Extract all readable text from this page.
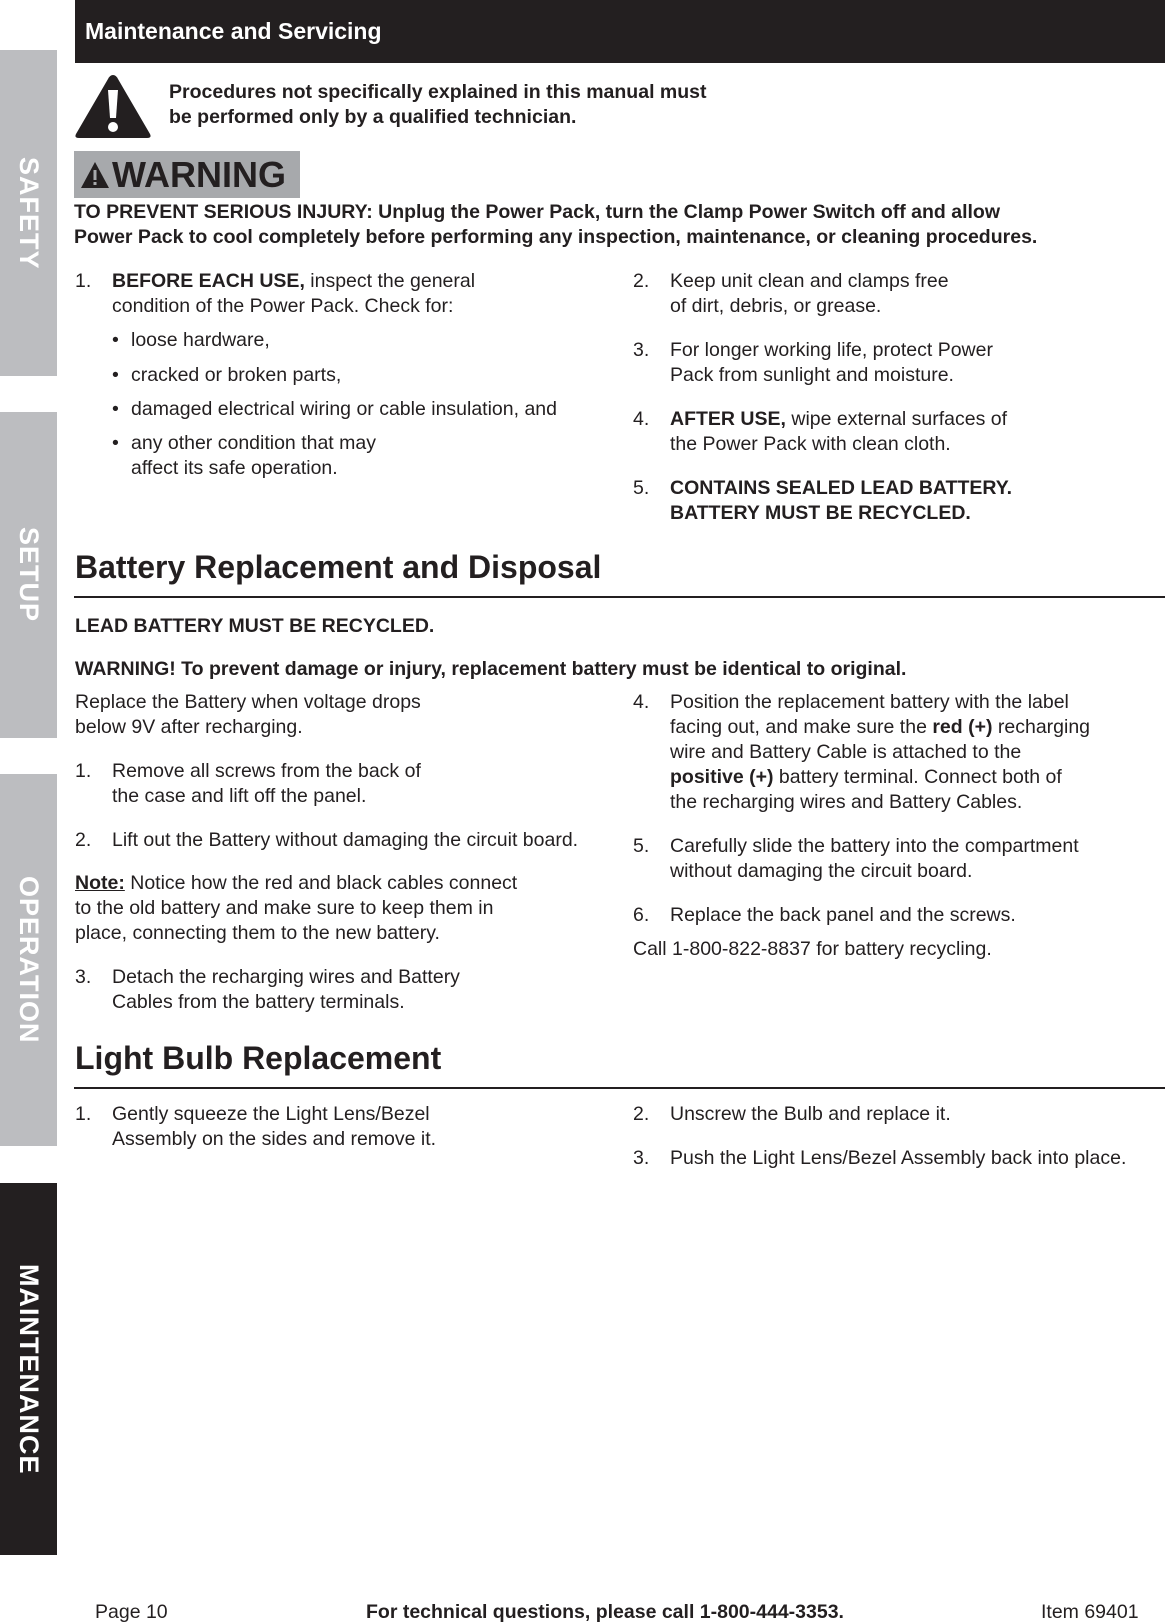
SAFETY
SETUP
OPERATION
MAINTENANCE
Maintenance and Servicing
Procedures not specifically explained in this manual must
be performed only by a qualified technician.
WARNING
TO PREVENT SERIOUS INJURY: Unplug the Power Pack, turn the Clamp Power Switch off and allow
Power Pack to cool completely before performing any inspection, maintenance, or cleaning procedures.
1. BEFORE EACH USE, inspect the general
condition of the Power Pack. Check for:
• loose hardware,
• cracked or broken parts,
• damaged electrical wiring or cable insulation, and
• any other condition that may
affect its safe operation.
2. Keep unit clean and clamps free
of dirt, debris, or grease.
3. For longer working life, protect Power
Pack from sunlight and moisture.
4. AFTER USE, wipe external surfaces of
the Power Pack with clean cloth.
5. CONTAINS SEALED LEAD BATTERY.
BATTERY MUST BE RECYCLED.
Battery Replacement and Disposal
LEAD BATTERY MUST BE RECYCLED.
WARNING! To prevent damage or injury, replacement battery must be identical to original.
Replace the Battery when voltage drops
below 9V after recharging.
1. Remove all screws from the back of
the case and lift off the panel.
2. Lift out the Battery without damaging the circuit board.
Note: Notice how the red and black cables connect
to the old battery and make sure to keep them in
place, connecting them to the new battery.
3. Detach the recharging wires and Battery
Cables from the battery terminals.
4. Position the replacement battery with the label
facing out, and make sure the red (+) recharging
wire and Battery Cable is attached to the
positive (+) battery terminal. Connect both of
the recharging wires and Battery Cables.
5. Carefully slide the battery into the compartment
without damaging the circuit board.
6. Replace the back panel and the screws.
Call 1-800-822-8837 for battery recycling.
Light Bulb Replacement
1. Gently squeeze the Light Lens/Bezel
Assembly on the sides and remove it.
2. Unscrew the Bulb and replace it.
3. Push the Light Lens/Bezel Assembly back into place.
Page 10	For technical questions, please call 1-800-444-3353.	Item 69401
